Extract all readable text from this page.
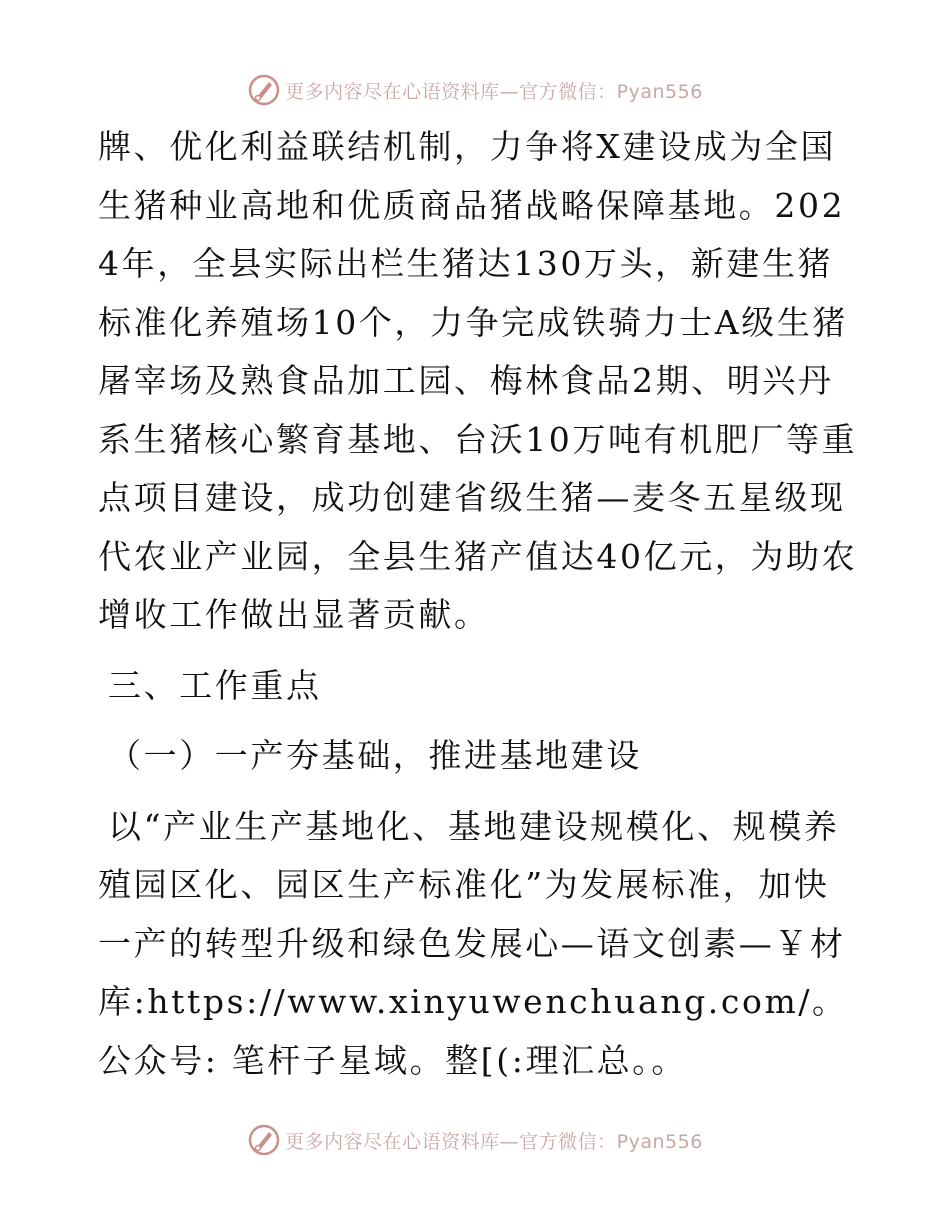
更多内容尽在心语资料库—官方微信：Pyan556

牌、优化利益联结机制，力争将X建设成为全国生猪种业高地和优质商品猪战略保障基地。2024年，全县实际出栏生猪达130万头，新建生猪标准化养殖场10个，力争完成铁骑力士A级生猪屠宰场及熟食品加工园、梅林食品2期、明兴丹系生猪核心繁育基地、台沃10万吨有机肥厂等重点项目建设，成功创建省级生猪—麦冬五星级现代农业产业园，全县生猪产值达40亿元，为助农增收工作做出显著贡献。

三、工作重点
（一）一产夯基础，推进基地建设

以“产业生产基地化、基地建设规模化、规模养殖园区化、园区生产标准化”为发展标准，加快一产的转型升级和绿色发展心—语文创素—￥材库:https://www.xinyuwenchuang.com/。公众号: 笔杆子星域。整[(:理汇总。。

更多内容尽在心语资料库—官方微信：Pyan556
